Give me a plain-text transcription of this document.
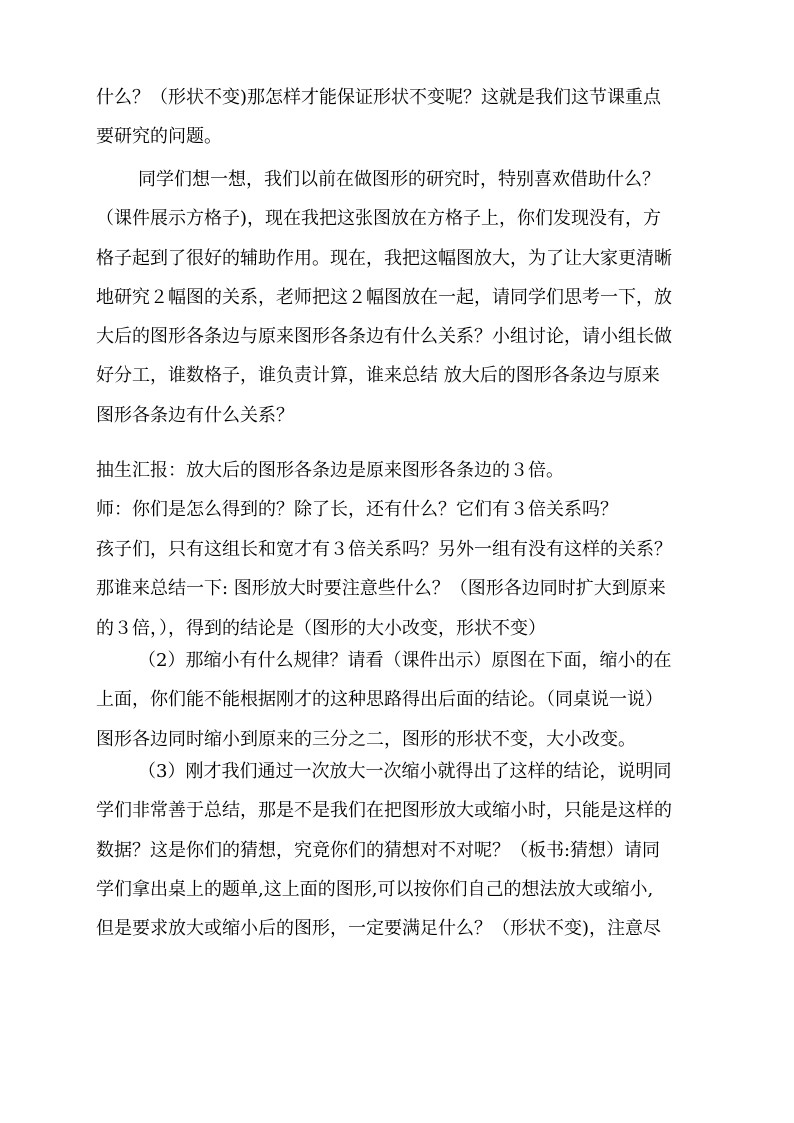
什么？（形状不变)那怎样才能保证形状不变呢？这就是我们这节课重点
要研究的问题。
同学们想一想，我们以前在做图形的研究时，特别喜欢借助什么？
（课件展示方格子)，现在我把这张图放在方格子上，你们发现没有，方
格子起到了很好的辅助作用。现在，我把这幅图放大，为了让大家更清晰
地研究２幅图的关系，老师把这２幅图放在一起，请同学们思考一下，放
大后的图形各条边与原来图形各条边有什么关系？小组讨论，请小组长做
好分工，谁数格子，谁负责计算，谁来总结 放大后的图形各条边与原来
图形各条边有什么关系？
抽生汇报：放大后的图形各条边是原来图形各条边的３倍。
师：你们是怎么得到的？除了长，还有什么？它们有３倍关系吗？
孩子们，只有这组长和宽才有３倍关系吗？另外一组有没有这样的关系？
那谁来总结一下: 图形放大时要注意些什么？（图形各边同时扩大到原来
的３倍，），得到的结论是（图形的大小改变，形状不变）
（2）那缩小有什么规律？请看（课件出示）原图在下面，缩小的在
上面，你们能不能根据刚才的这种思路得出后面的结论。（同桌说一说）
图形各边同时缩小到原来的三分之二，图形的形状不变，大小改变。
（3）刚才我们通过一次放大一次缩小就得出了这样的结论，说明同
学们非常善于总结，那是不是我们在把图形放大或缩小时，只能是这样的
数据？这是你们的猜想，究竟你们的猜想对不对呢？（板书:猜想）请同
学们拿出桌上的题单,这上面的图形,可以按你们自己的想法放大或缩小,
但是要求放大或缩小后的图形，一定要满足什么？（形状不变)，注意尽
